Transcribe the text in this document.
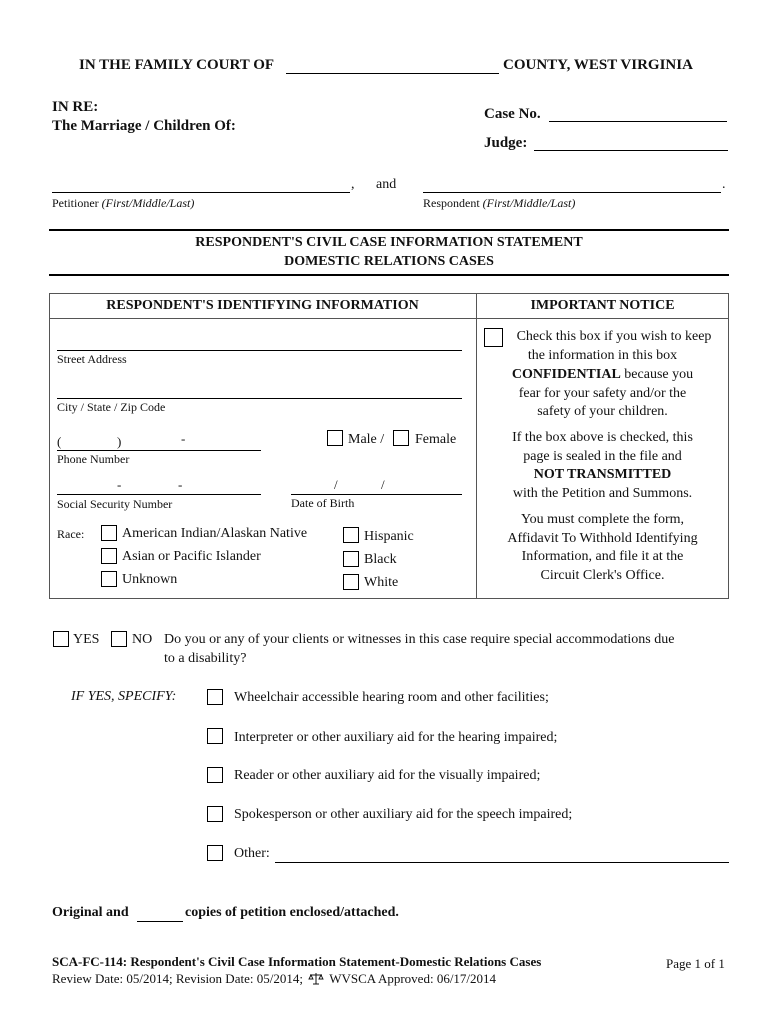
IN THE FAMILY COURT OF	COUNTY, WEST VIRGINIA
IN RE:
The Marriage / Children Of:
Case No.
Judge:
, and	.
Petitioner (First/Middle/Last)	Respondent (First/Middle/Last)
RESPONDENT'S CIVIL CASE INFORMATION STATEMENT
DOMESTIC RELATIONS CASES
RESPONDENT'S IDENTIFYING INFORMATION	IMPORTANT NOTICE
Street Address
City / State / Zip Code
(	)	-
Phone Number
Male / Female
-	-
Social Security Number
/	/
Date of Birth
Race:	American Indian/Alaskan Native
Asian or Pacific Islander
Unknown
Hispanic
Black
White
Check this box if you wish to keep
the information in this box
CONFIDENTIAL because you
fear for your safety and/or the
safety of your children.
If the box above is checked, this
page is sealed in the file and
NOT TRANSMITTED
with the Petition and Summons.
You must complete the form,
Affidavit To Withhold Identifying
Information, and file it at the
Circuit Clerk's Office.
YES NO Do you or any of your clients or witnesses in this case require special accommodations due
to a disability?
IF YES, SPECIFY:	Wheelchair accessible hearing room and other facilities;
Interpreter or other auxiliary aid for the hearing impaired;
Reader or other auxiliary aid for the visually impaired;
Spokesperson or other auxiliary aid for the speech impaired;
Other:
Original and	copies of petition enclosed/attached.
SCA-FC-114: Respondent's Civil Case Information Statement-Domestic Relations Cases
Review Date: 05/2014; Revision Date: 05/2014; WVSCA Approved: 06/17/2014
Page 1 of 1
